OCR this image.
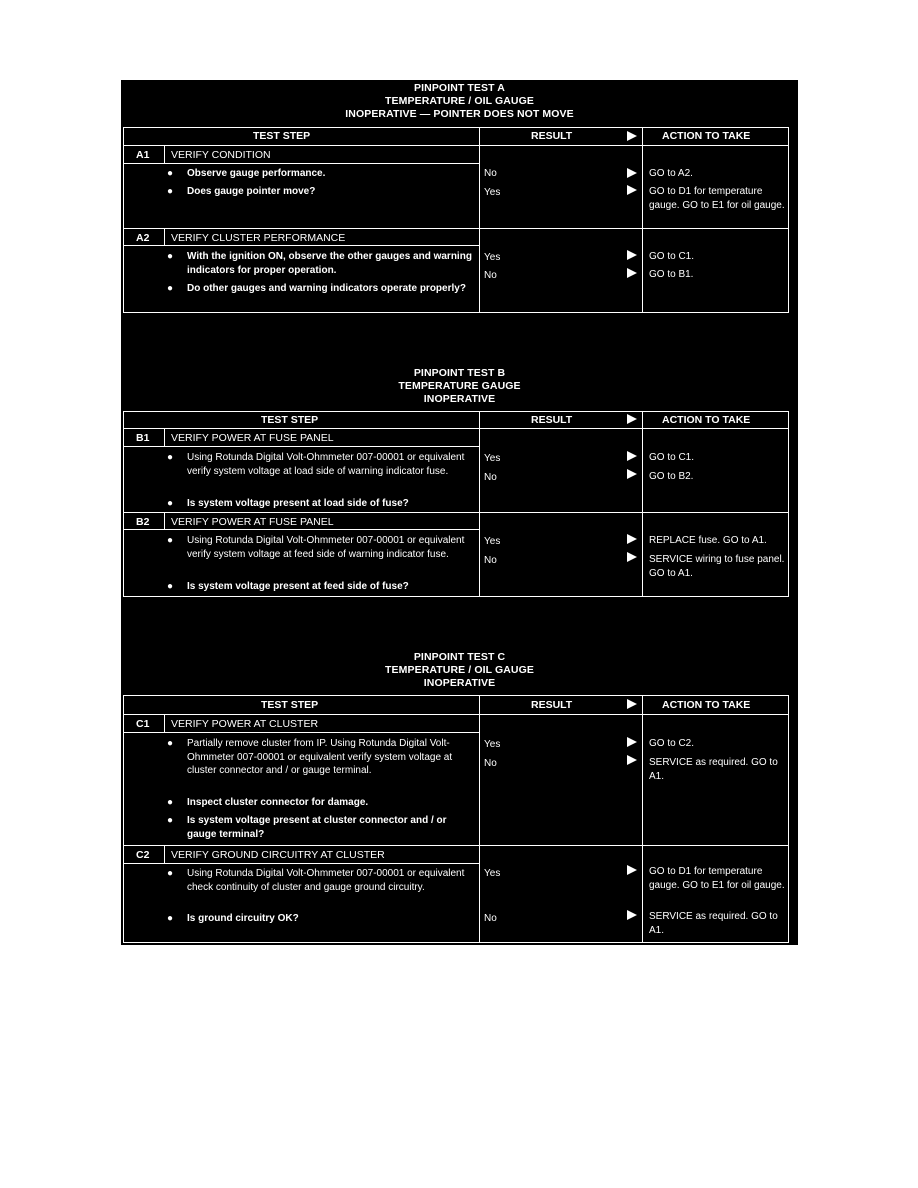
PINPOINT TEST A
TEMPERATURE / OIL GAUGE
INOPERATIVE — POINTER DOES NOT MOVE
TEST STEP	RESULT	ACTION TO TAKE
A1 VERIFY CONDITION
●	Observe gauge performance.
●	Does gauge pointer move?
No	GO to A2.
Yes	GO to D1 for temperature gauge. GO to E1 for oil gauge.
A2 VERIFY CLUSTER PERFORMANCE
●	With the ignition ON, observe the other gauges and warning indicators for proper operation.
●	Do other gauges and warning indicators operate properly?
Yes	GO to C1.
No	GO to B1.
PINPOINT TEST B
TEMPERATURE GAUGE
INOPERATIVE
TEST STEP	RESULT	ACTION TO TAKE
B1 VERIFY POWER AT FUSE PANEL
●	Using Rotunda Digital Volt-Ohmmeter 007-00001 or equivalent verify system voltage at load side of warning indicator fuse.
●	Is system voltage present at load side of fuse?
Yes	GO to C1.
No	GO to B2.
B2 VERIFY POWER AT FUSE PANEL
●	Using Rotunda Digital Volt-Ohmmeter 007-00001 or equivalent verify system voltage at feed side of warning indicator fuse.
●	Is system voltage present at feed side of fuse?
Yes	REPLACE fuse. GO to A1.
No	SERVICE wiring to fuse panel. GO to A1.
PINPOINT TEST C
TEMPERATURE / OIL GAUGE
INOPERATIVE
TEST STEP	RESULT	ACTION TO TAKE
C1 VERIFY POWER AT CLUSTER
●	Partially remove cluster from IP. Using Rotunda Digital Volt-Ohmmeter 007-00001 or equivalent verify system voltage at cluster connector and / or gauge terminal.
●	Inspect cluster connector for damage.
●	Is system voltage present at cluster connector and / or gauge terminal?
Yes	GO to C2.
No	SERVICE as required. GO to A1.
C2 VERIFY GROUND CIRCUITRY AT CLUSTER
●	Using Rotunda Digital Volt-Ohmmeter 007-00001 or equivalent check continuity of cluster and gauge ground circuitry.
●	Is ground circuitry OK?
Yes	GO to D1 for temperature gauge. GO to E1 for oil gauge.
No	SERVICE as required. GO to A1.
